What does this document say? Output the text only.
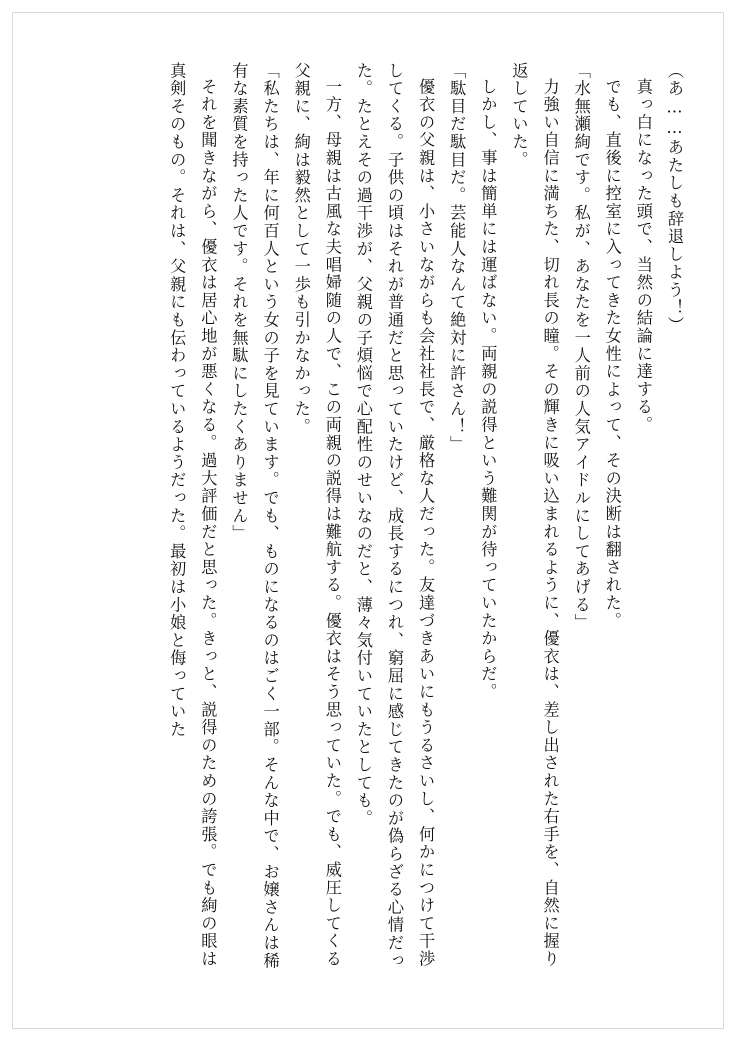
（あ……あたしも辞退しよう！）

真っ白になった頭で、当然の結論に達する。

でも、直後に控室に入ってきた女性によって、その決断は翻された。

「水無瀬絢です。私が、あなたを一人前の人気アイドルにしてあげる」

力強い自信に満ちた、切れ長の瞳。その輝きに吸い込まれるように、優衣は、差し出された右手を、自然に握り返していた。

しかし、事は簡単には運ばない。両親の説得という難関が待っていたからだ。

「駄目だ駄目だ。芸能人なんて絶対に許さん！」

優衣の父親は、小さいながらも会社社長で、厳格な人だった。友達づきあいにもうるさいし、何かにつけて干渉してくる。子供の頃はそれが普通だと思っていたけど、成長するにつれ、窮屈に感じてきたのが偽らざる心情だった。たとえその過干渉が、父親の子煩悩で心配性のせいなのだと、薄々気付いていたとしても。

一方、母親は古風な夫唱婦随の人で、この両親の説得は難航する。優衣はそう思っていた。でも、威圧してくる父親に、絢は毅然として一歩も引かなかった。

「私たちは、年に何百人という女の子を見ています。でも、ものになるのはごく一部。そんな中で、お嬢さんは稀有な素質を持った人です。それを無駄にしたくありません」

それを聞きながら、優衣は居心地が悪くなる。過大評価だと思った。きっと、説得のための誇張。でも絢の眼は真剣そのもの。それは、父親にも伝わっているようだった。最初は小娘と侮っていた
